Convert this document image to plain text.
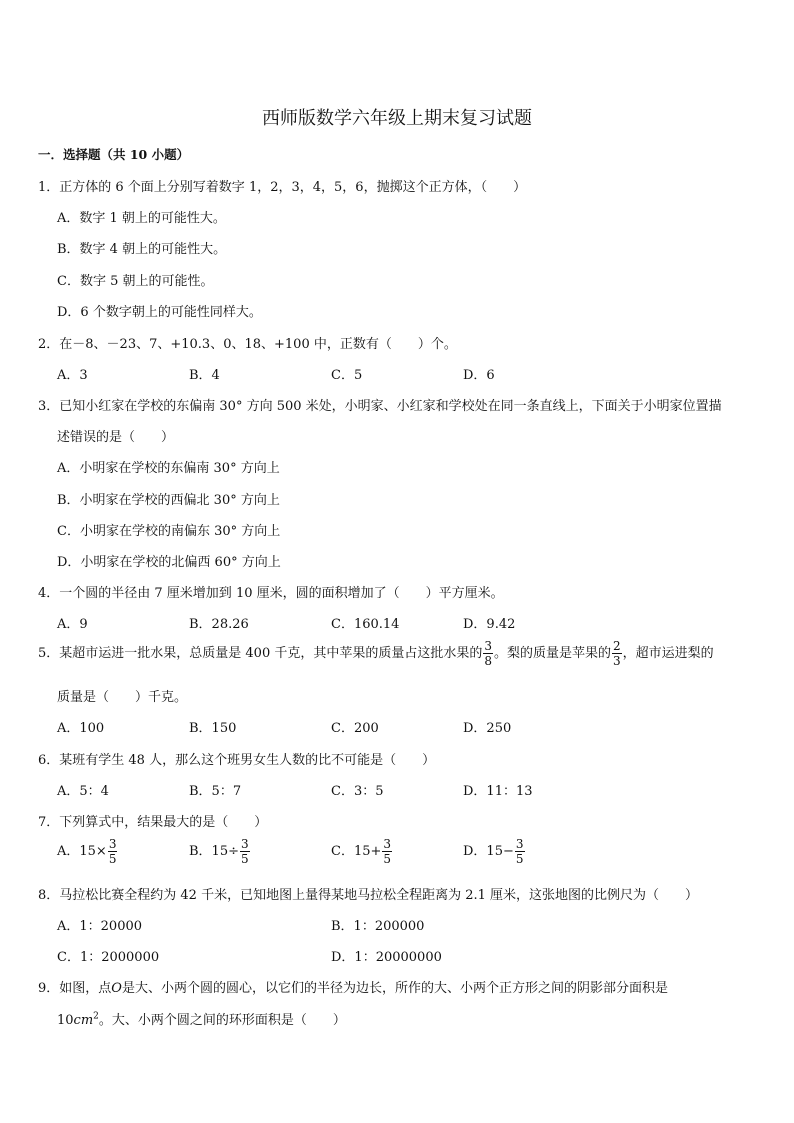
西师版数学六年级上期末复习试题
一．选择题（共 10 小题）
1．正方体的 6 个面上分别写着数字 1，2，3，4，5，6，抛掷这个正方体，（　　）
A．数字 1 朝上的可能性大。
B．数字 4 朝上的可能性大。
C．数字 5 朝上的可能性。
D．6 个数字朝上的可能性同样大。
2．在－8、－23、7、+10.3、0、18、+100 中，正数有（　　）个。
A．3	B．4	C．5	D．6
3．已知小红家在学校的东偏南 30° 方向 500 米处，小明家、小红家和学校处在同一条直线上，下面关于小明家位置描
述错误的是（　　）
A．小明家在学校的东偏南 30° 方向上
B．小明家在学校的西偏北 30° 方向上
C．小明家在学校的南偏东 30° 方向上
D．小明家在学校的北偏西 60° 方向上
4．一个圆的半径由 7 厘米增加到 10 厘米，圆的面积增加了（　　）平方厘米。
A．9	B．28.26	C．160.14	D．9.42
5．某超市运进一批水果，总质量是 400 千克，其中苹果的质量占这批水果的 $\frac{3}{8}$ 。梨的质量是苹果的 $\frac{2}{3}$ ，超市运进梨的
质量是（　　）千克。
A．100	B．150	C．200	D．250
6．某班有学生 48 人，那么这个班男女生人数的比不可能是（　　）
A．5：4	B．5：7	C．3：5	D．11：13
7．下列算式中，结果最大的是（　　）
A．$15\times \frac{3}{5}$	B．$15\div \frac{3}{5}$	C．$15+ \frac{3}{5}$	D．$15- \frac{3}{5}$
8．马拉松比赛全程约为 42 千米，已知地图上量得某地马拉松全程距离为 2.1 厘米，这张地图的比例尺为（　　）
A．1：20000	B．1：200000
C．1：2000000	D．1：20000000
9．如图，点O是大、小两个圆的圆心，以它们的半径为边长，所作的大、小两个正方形之间的阴影部分面积是
$10cm^2$。大、小两个圆之间的环形面积是（　　）
